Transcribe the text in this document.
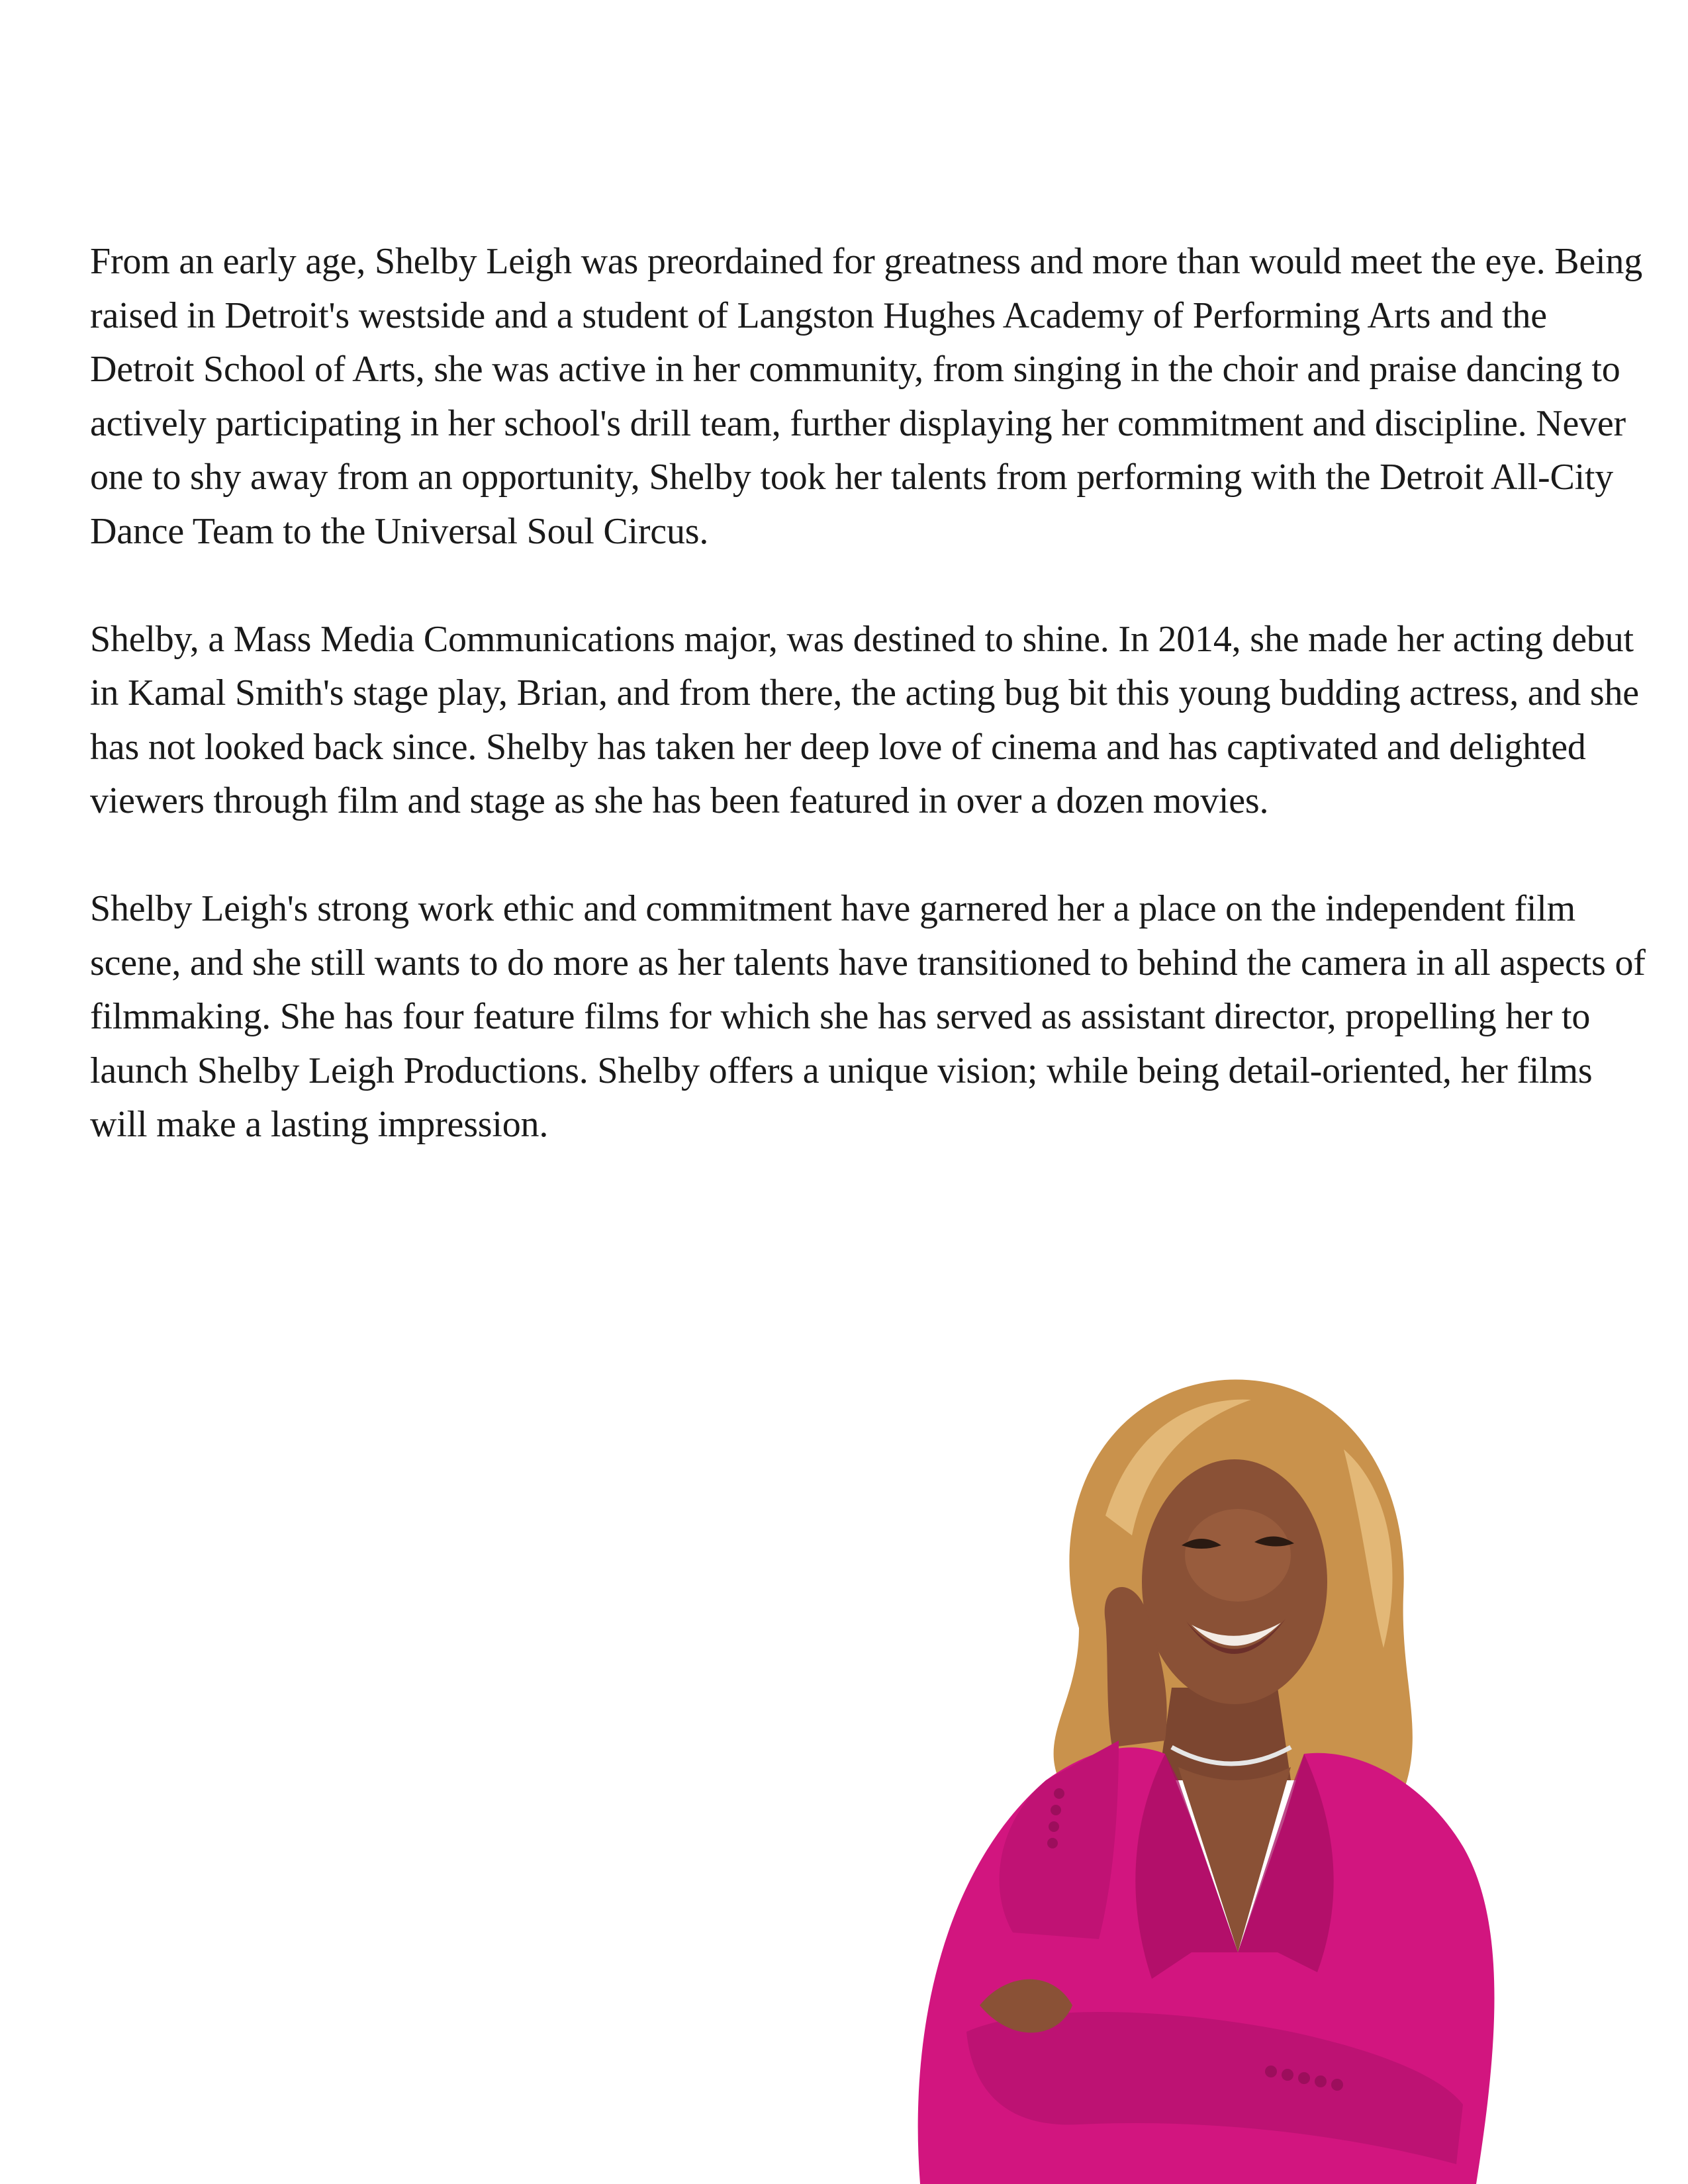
From an early age, Shelby Leigh was preordained for greatness and more than would meet the eye. Being raised in Detroit's westside and a student of Langston Hughes Academy of Performing Arts and the Detroit School of Arts, she was active in her community, from singing in the choir and praise dancing to actively participating in her school's drill team, further displaying her commitment and discipline. Never one to shy away from an opportunity, Shelby took her talents from performing with the Detroit All-City Dance Team to the Universal Soul Circus.

Shelby, a Mass Media Communications major, was destined to shine. In 2014, she made her acting debut in Kamal Smith's stage play, Brian, and from there, the acting bug bit this young budding actress, and she has not looked back since. Shelby has taken her deep love of cinema and has captivated and delighted viewers through film and stage as she has been featured in over a dozen movies.

Shelby Leigh's strong work ethic and commitment have garnered her a place on the independent film scene, and she still wants to do more as her talents have transitioned to behind the camera in all aspects of filmmaking. She has four feature films for which she has served as assistant director, propelling her to launch Shelby Leigh Productions. Shelby offers a unique vision; while being detail-oriented, her films will make a lasting impression.
